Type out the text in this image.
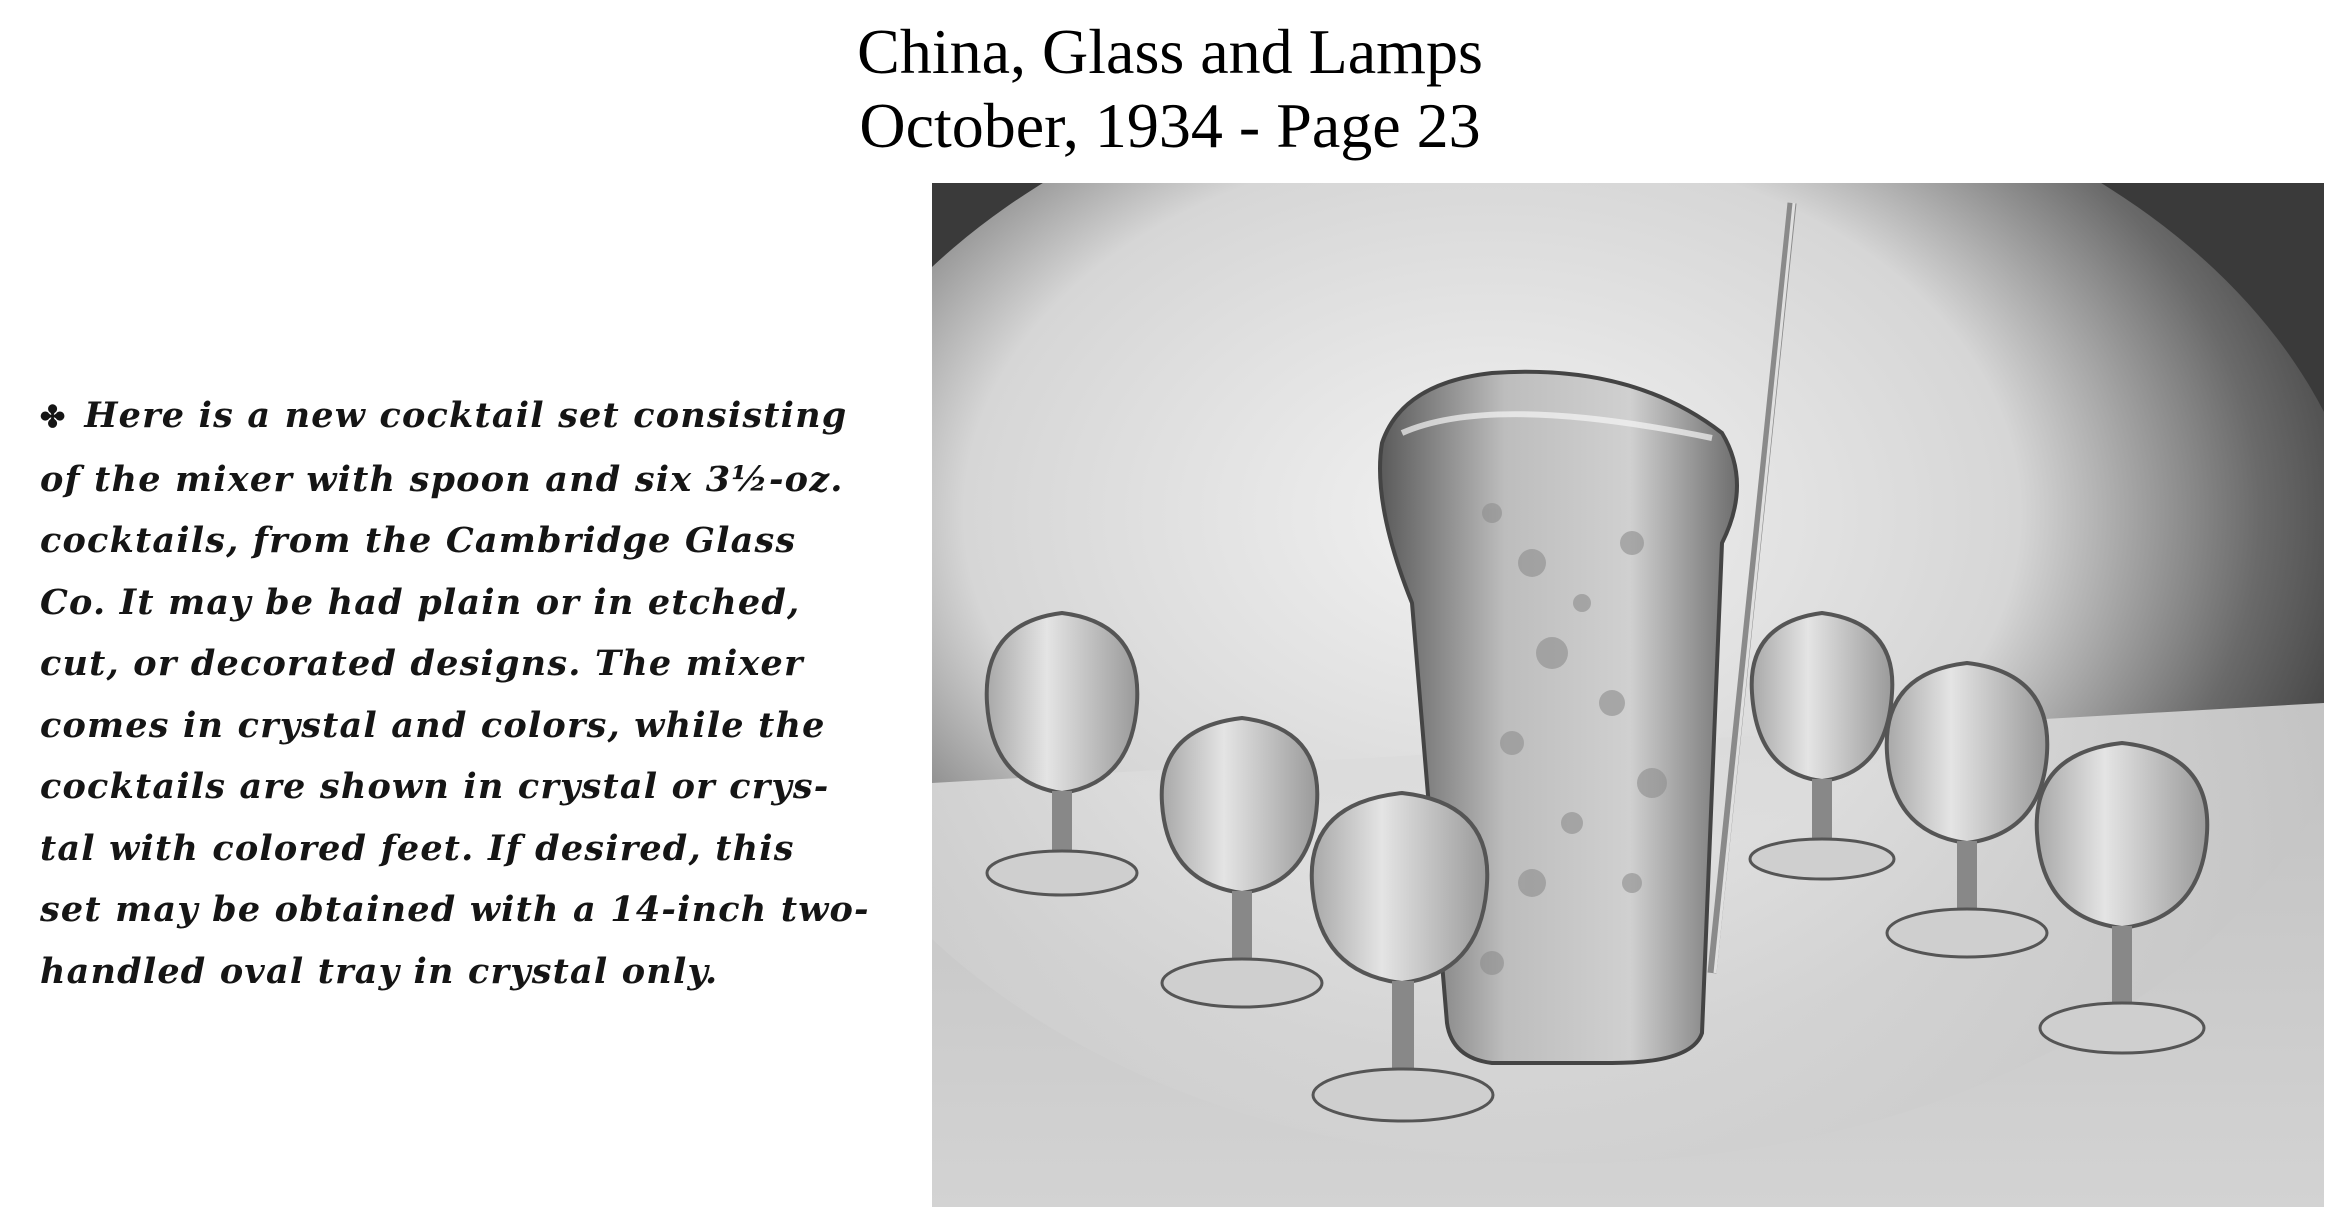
China, Glass and Lamps
October, 1934 - Page 23
✤ Here is a new cocktail set consisting
of the mixer with spoon and six 3½-oz.
cocktails, from the Cambridge Glass
Co. It may be had plain or in etched,
cut, or decorated designs. The mixer
comes in crystal and colors, while the
cocktails are shown in crystal or crys-
tal with colored feet. If desired, this
set may be obtained with a 14-inch two-
handled oval tray in crystal only.
